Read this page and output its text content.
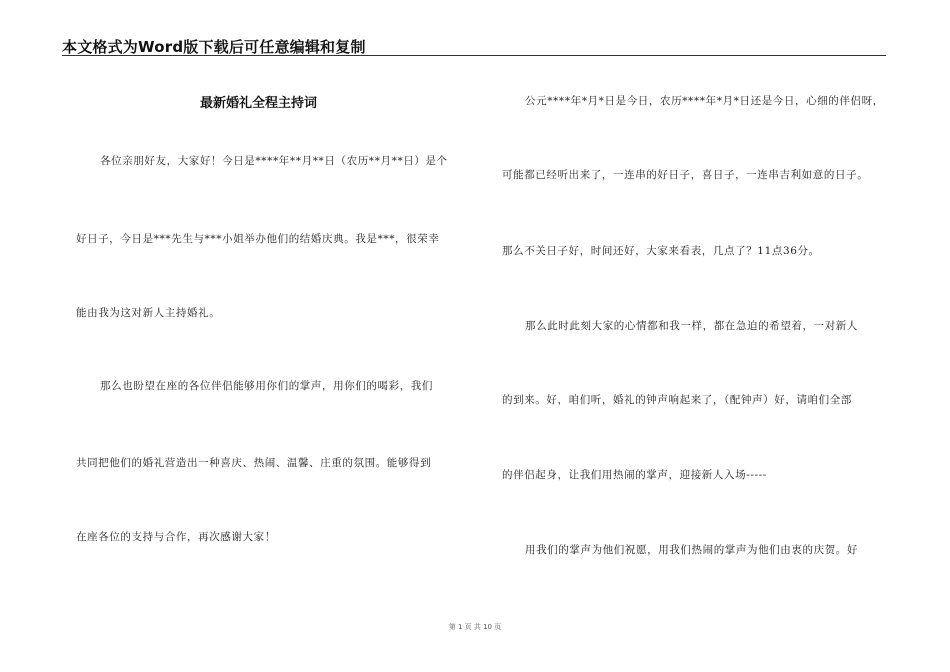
本文格式为Word版下载后可任意编辑和复制
最新婚礼全程主持词
各位亲朋好友，大家好！今日是****年**月**日（农历**月**日）是个
好日子，今日是***先生与***小姐举办他们的结婚庆典。我是***，很荣幸
能由我为这对新人主持婚礼。
那么也盼望在座的各位伴侣能够用你们的掌声，用你们的喝彩，我们
共同把他们的婚礼营造出一种喜庆、热闹、温馨、庄重的氛围。能够得到
在座各位的支持与合作，再次感谢大家！
公元****年*月*日是今日，农历****年*月*日还是今日，心细的伴侣呀，
可能都已经听出来了，一连串的好日子，喜日子，一连串吉利如意的日子。
那么不关日子好，时间还好，大家来看表，几点了？11点36分。
那么此时此刻大家的心情都和我一样，都在急迫的希望着，一对新人
的到来。好，咱们听，婚礼的钟声响起来了，（配钟声）好，请咱们全部
的伴侣起身，让我们用热闹的掌声，迎接新人入场-----
用我们的掌声为他们祝愿，用我们热闹的掌声为他们由衷的庆贺。好
第 1 页 共 10 页
